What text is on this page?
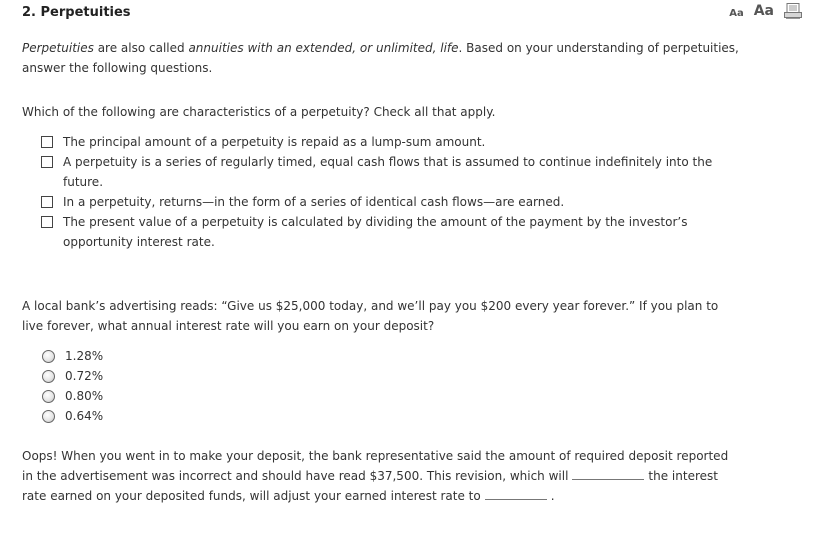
2. Perpetuities	Aa Aa

Perpetuities are also called annuities with an extended, or unlimited, life. Based on your understanding of perpetuities, answer the following questions.

Which of the following are characteristics of a perpetuity? Check all that apply.

The principal amount of a perpetuity is repaid as a lump-sum amount.
A perpetuity is a series of regularly timed, equal cash flows that is assumed to continue indefinitely into the future.
In a perpetuity, returns—in the form of a series of identical cash flows—are earned.
The present value of a perpetuity is calculated by dividing the amount of the payment by the investor’s opportunity interest rate.

A local bank’s advertising reads: “Give us $25,000 today, and we’ll pay you $200 every year forever.” If you plan to live forever, what annual interest rate will you earn on your deposit?

1.28%
0.72%
0.80%
0.64%

Oops! When you went in to make your deposit, the bank representative said the amount of required deposit reported in the advertisement was incorrect and should have read $37,500. This revision, which will	the interest rate earned on your deposited funds, will adjust your earned interest rate to	.
